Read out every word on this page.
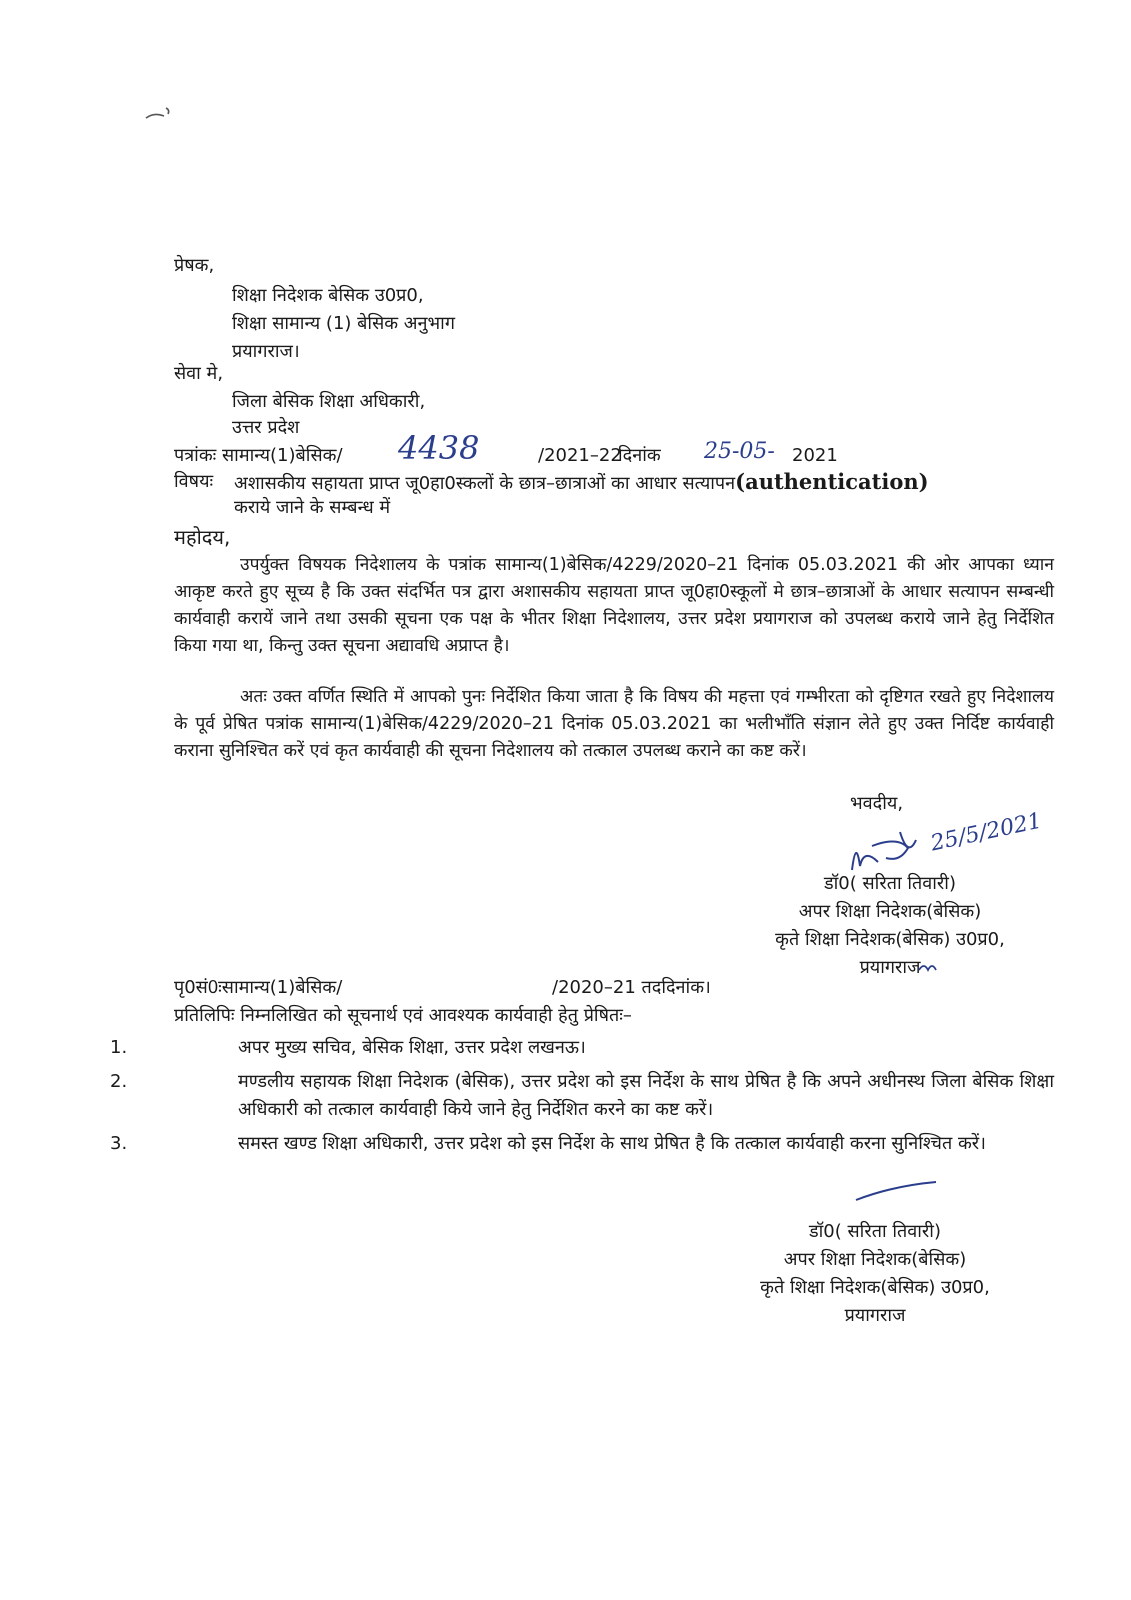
प्रेषक,
शिक्षा निदेशक बेसिक उ0प्र0,
शिक्षा सामान्य (1) बेसिक अनुभाग
प्रयागराज।
सेवा मे,
जिला बेसिक शिक्षा अधिकारी,
उत्तर प्रदेश
पत्रांकः सामान्य(1)बेसिक/ 4438	/2021–22
दिनांक 25-05- 2021
विषयः अशासकीय सहायता प्राप्त जू0हा0स्कलों के छात्र–छात्राओं का आधार सत्यापन(authentication)
कराये जाने के सम्बन्ध में
महोदय,
उपर्युक्त विषयक निदेशालय के पत्रांक सामान्य(1)बेसिक/4229/2020–21 दिनांक 05.03.2021 की ओर आपका ध्यान आकृष्ट करते हुए सूच्य है कि उक्त संदर्भित पत्र द्वारा अशासकीय सहायता प्राप्त जू0हा0स्कूलों मे छात्र–छात्राओं के आधार सत्यापन सम्बन्धी कार्यवाही करायें जाने तथा उसकी सूचना एक पक्ष के भीतर शिक्षा निदेशालय, उत्तर प्रदेश प्रयागराज को उपलब्ध कराये जाने हेतु निर्देशित किया गया था, किन्तु उक्त सूचना अद्यावधि अप्राप्त है।
अतः उक्त वर्णित स्थिति में आपको पुनः निर्देशित किया जाता है कि विषय की महत्ता एवं गम्भीरता को दृष्टिगत रखते हुए निदेशालय के पूर्व प्रेषित पत्रांक सामान्य(1)बेसिक/4229/2020–21 दिनांक 05.03.2021 का भलीभाँति संज्ञान लेते हुए उक्त निर्दिष्ट कार्यवाही कराना सुनिश्चित करें एवं कृत कार्यवाही की सूचना निदेशालय को तत्काल उपलब्ध कराने का कष्ट करें।
भवदीय,
25/5/2021
डॉ0( सरिता तिवारी)
अपर शिक्षा निदेशक(बेसिक)
कृते शिक्षा निदेशक(बेसिक) उ0प्र0,
प्रयागराज
पृ0सं0ःसामान्य(1)बेसिक/	/2020–21 तददिनांक।
प्रतिलिपिः निम्नलिखित को सूचनार्थ एवं आवश्यक कार्यवाही हेतु प्रेषितः–
1.	अपर मुख्य सचिव, बेसिक शिक्षा, उत्तर प्रदेश लखनऊ।
2.	मण्डलीय सहायक शिक्षा निदेशक (बेसिक), उत्तर प्रदेश को इस निर्देश के साथ प्रेषित है कि अपने अधीनस्थ जिला बेसिक शिक्षा अधिकारी को तत्काल कार्यवाही किये जाने हेतु निर्देशित करने का कष्ट करें।
3.	समस्त खण्ड शिक्षा अधिकारी, उत्तर प्रदेश को इस निर्देश के साथ प्रेषित है कि तत्काल कार्यवाही करना सुनिश्चित करें।
डॉ0( सरिता तिवारी)
अपर शिक्षा निदेशक(बेसिक)
कृते शिक्षा निदेशक(बेसिक) उ0प्र0,
प्रयागराज
